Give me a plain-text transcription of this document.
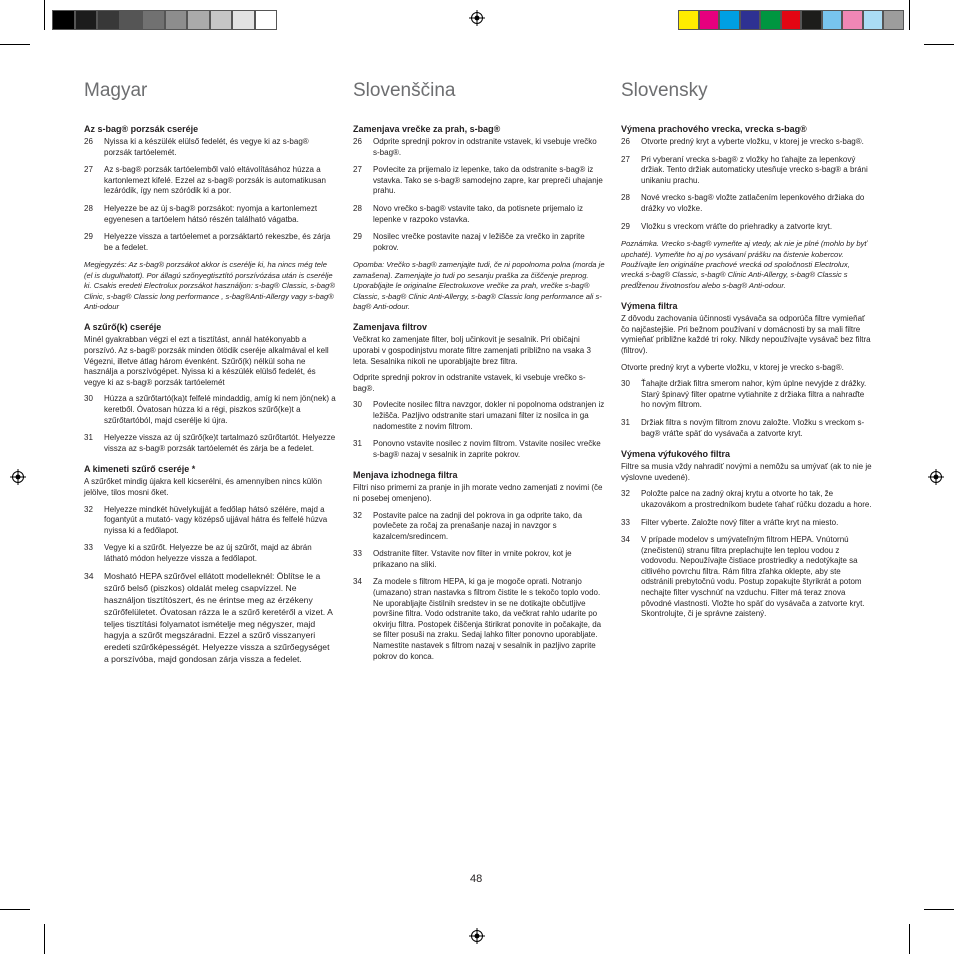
Magyar
Az s-bag® porzsák cseréje
26	Nyissa ki a készülék elülső fedelét, és vegye ki az s-bag® porzsák tartóelemét.
27	Az s-bag® porzsák tartóelemből való eltávolításához húzza a kartonlemezt kifelé. Ezzel az s-bag® porzsák is automatikusan lezáródik, így nem szóródik ki a por.
28	Helyezze be az új s-bag® porzsákot: nyomja a kartonlemezt egyenesen a tartóelem hátsó részén található vágatba.
29	Helyezze vissza a tartóelemet a porzsáktartó rekeszbe, és zárja be a fedelet.
Megjegyzés: Az s-bag® porzsákot akkor is cserélje ki, ha nincs még tele (el is dugulhatott). Por állagú szőnyegtisztító porszívózása után is cserélje ki. Csakis eredeti Electrolux porzsákot használjon: s-bag® Classic, s-bag® Clinic, s-bag® Classic long performance , s-bag®Anti-Allergy vagy s-bag® Anti-odour
A szűrő(k) cseréje
Minél gyakrabban végzi el ezt a tisztítást, annál hatékonyabb a porszívó. Az s-bag® porzsák minden ötödik cseréje alkalmával el kell Végezni, illetve átlag három évenként. Szűrő(k) nélkül soha ne használja a porszívógépet. Nyissa ki a készülék elülső fedelét, és vegye ki az s-bag® porzsák tartóelemét
30	Húzza a szűrőtartó(ka)t felfelé mindaddig, amíg ki nem jön(nek) a keretből. Óvatosan húzza ki a régi, piszkos szűrő(ke)t a szűrőtartóból, majd cserélje ki újra.
31	Helyezze vissza az új szűrő(ke)t tartalmazó szűrőtartót. Helyezze vissza az s-bag® porzsák tartóelemét és zárja be a fedelet.
A kimeneti szűrő cseréje *
A szűrőket mindig újakra kell kicserélni, és amennyiben nincs külön jelölve, tilos mosni őket.
32	Helyezze mindkét hüvelykujját a fedőlap hátsó szélére, majd a fogantyút a mutató- vagy középső ujjával hátra és felfelé húzva nyissa ki a fedőlapot.
33	Vegye ki a szűrőt. Helyezze be az új szűrőt, majd az ábrán látható módon helyezze vissza a fedőlapot.
34	Mosható HEPA szűrővel ellátott modelleknél: Öblítse le a szűrő belső (piszkos) oldalát meleg csapvízzel. Ne használjon tisztítószert, és ne érintse meg az érzékeny szűrőfelületet. Óvatosan rázza le a szűrő keretéről a vizet. A teljes tisztítási folyamatot ismételje meg négyszer, majd hagyja a szűrőt megszáradni. Ezzel a szűrő visszanyeri eredeti szűrőképességét. Helyezze vissza a szűrőegységet a porszívóba, majd gondosan zárja vissza a fedelet.
Slovenščina
Zamenjava vrečke za prah, s-bag®
26	Odprite sprednji pokrov in odstranite vstavek, ki vsebuje vrečko s-bag®.
27	Povlecite za prijemalo iz lepenke, tako da odstranite s-bag® iz vstavka. Tako se s-bag® samodejno zapre, kar prepreči uhajanje prahu.
28	Novo vrečko s-bag® vstavite tako, da potisnete prijemalo iz lepenke v razpoko vstavka.
29	Nosilec vrečke postavite nazaj v ležišče za vrečko in zaprite pokrov.
Opomba: Vrečko s-bag® zamenjajte tudi, če ni popolnoma polna (morda je zamašena). Zamenjajte jo tudi po sesanju praška za čiščenje preprog. Uporabljajte le originalne Electroluxove vrečke za prah, vrečke s-bag® Classic, s-bag® Clinic Anti-Allergy, s-bag® Classic long performance ali s-bag® Anti-odour.
Zamenjava filtrov
Večkrat ko zamenjate filter, bolj učinkovit je sesalnik. Pri običajni uporabi v gospodinjstvu morate filtre zamenjati približno na vsaka 3 leta. Sesalnika nikoli ne uporabljajte brez filtra.
Odprite sprednji pokrov in odstranite vstavek, ki vsebuje vrečko s-bag®.
30	Povlecite nosilec filtra navzgor, dokler ni popolnoma odstranjen iz ležišča. Pazljivo odstranite stari umazani filter iz nosilca in ga nadomestite z novim filtrom.
31	Ponovno vstavite nosilec z novim filtrom. Vstavite nosilec vrečke s-bag® nazaj v sesalnik in zaprite pokrov.
Menjava izhodnega filtra
Filtri niso primerni za pranje in jih morate vedno zamenjati z novimi (če ni posebej omenjeno).
32	Postavite palce na zadnji del pokrova in ga odprite tako, da povlečete za ročaj za prenašanje nazaj in navzgor s kazalcem/sredincem.
33	Odstranite filter. Vstavite nov filter in vrnite pokrov, kot je prikazano na sliki.
34	Za modele s filtrom HEPA, ki ga je mogoče oprati. Notranjo (umazano) stran nastavka s filtrom čistite le s tekočo toplo vodo. Ne uporabljajte čistilnih sredstev in se ne dotikajte občutljive površine filtra. Vodo odstranite tako, da večkrat rahlo udarite po okvirju filtra. Postopek čiščenja štirikrat ponovite in počakajte, da se filter posuši na zraku. Sedaj lahko filter ponovno uporabljate. Namestite nastavek s filtrom nazaj v sesalnik in pazljivo zaprite pokrov do konca.
Slovensky
Výmena prachového vrecka, vrecka s-bag®
26	Otvorte predný kryt a vyberte vložku, v ktorej je vrecko s-bag®.
27	Pri vyberaní vrecka s-bag® z vložky ho ťahajte za lepenkový držiak. Tento držiak automaticky utesňuje vrecko s-bag® a bráni unikaniu prachu.
28	Nové vrecko s-bag® vložte zatlačením lepenkového držiaka do drážky vo vložke.
29	Vložku s vreckom vráťte do priehradky a zatvorte kryt.
Poznámka. Vrecko s-bag® vymeňte aj vtedy, ak nie je plné (mohlo by byť upchaté). Vymeňte ho aj po vysávaní prášku na čistenie kobercov. Používajte len originálne prachové vrecká od spoločnosti Electrolux, vrecká s-bag® Classic, s-bag® Clinic Anti-Allergy, s-bag® Classic s predĺženou životnosťou alebo s-bag® Anti-odour.
Výmena filtra
Z dôvodu zachovania účinnosti vysávača sa odporúča filtre vymieňať čo najčastejšie. Pri bežnom používaní v domácnosti by sa mali filtre vymieňať približne každé tri roky. Nikdy nepoužívajte vysávač bez filtra (filtrov).
Otvorte predný kryt a vyberte vložku, v ktorej je vrecko s-bag®.
30	Ťahajte držiak filtra smerom nahor, kým úplne nevyjde z drážky. Starý špinavý filter opatrne vytiahnite z držiaka filtra a nahraďte ho novým filtrom.
31	Držiak filtra s novým filtrom znovu založte. Vložku s vreckom s-bag® vráťte späť do vysávača a zatvorte kryt.
Výmena výfukového filtra
Filtre sa musia vždy nahradiť novými a nemôžu sa umývať (ak to nie je výslovne uvedené).
32	Položte palce na zadný okraj krytu a otvorte ho tak, že ukazovákom a prostredníkom budete ťahať rúčku dozadu a hore.
33	Filter vyberte. Založte nový filter a vráťte kryt na miesto.
34	V prípade modelov s umývateľným filtrom HEPA. Vnútornú (znečistenú) stranu filtra preplachujte len teplou vodou z vodovodu. Nepoužívajte čistiace prostriedky a nedotýkajte sa citlivého povrchu filtra. Rám filtra zľahka oklepte, aby ste odstránili prebytočnú vodu. Postup zopakujte štyrikrát a potom nechajte filter vyschnúť na vzduchu. Filter má teraz znova pôvodné vlastnosti. Vložte ho späť do vysávača a zatvorte kryt. Skontrolujte, či je správne zaistený.
48
